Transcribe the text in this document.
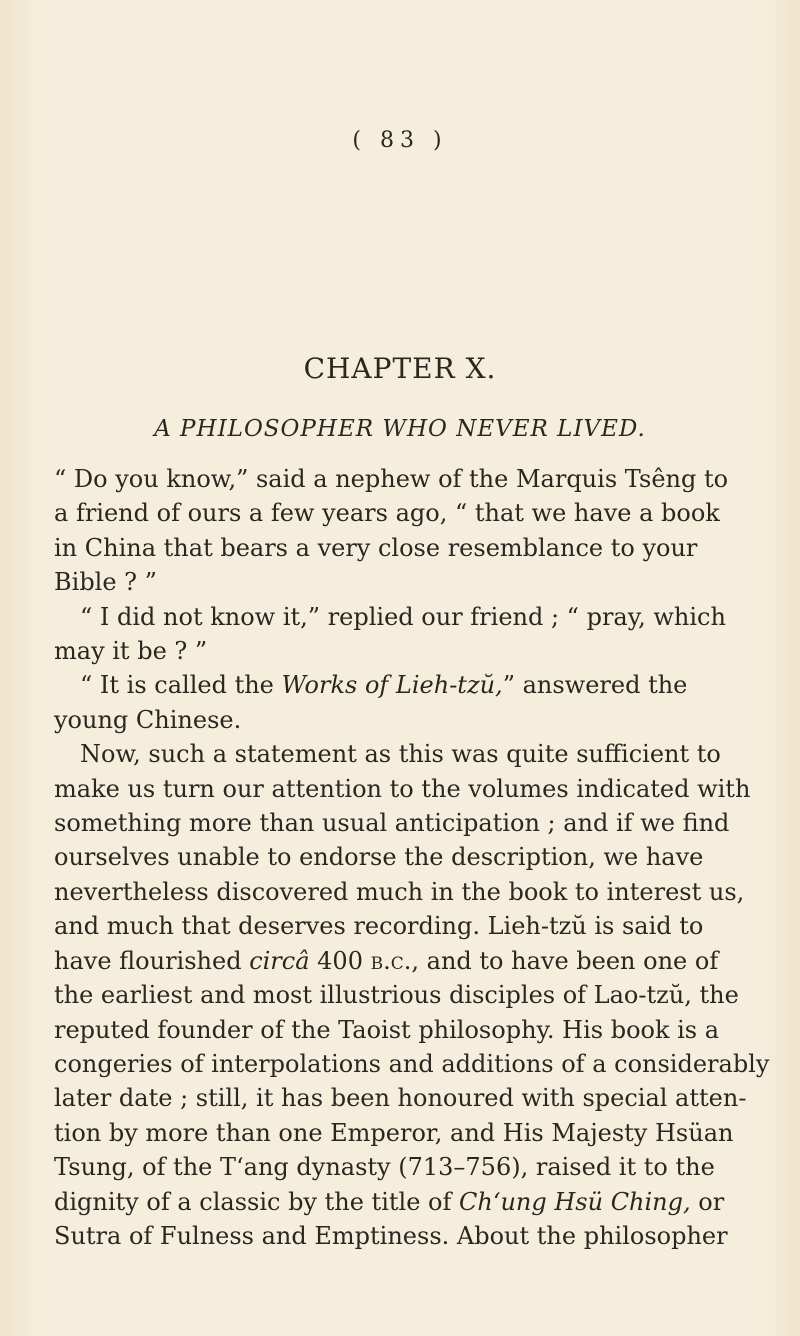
( 83 )
CHAPTER X.
A PHILOSOPHER WHO NEVER LIVED.
“ Do you know,” said a nephew of the Marquis Tsêng to
a friend of ours a few years ago, “ that we have a book
in China that bears a very close resemblance to your
Bible ? ”
“ I did not know it,” replied our friend ; “ pray, which
may it be ? ”
“ It is called the Works of Lieh-tzŭ,” answered the
young Chinese.
Now, such a statement as this was quite sufficient to
make us turn our attention to the volumes indicated with
something more than usual anticipation ; and if we find
ourselves unable to endorse the description, we have
nevertheless discovered much in the book to interest us,
and much that deserves recording. Lieh-tzŭ is said to
have flourished circâ 400 b.c., and to have been one of
the earliest and most illustrious disciples of Lao-tzŭ, the
reputed founder of the Taoist philosophy. His book is a
congeries of interpolations and additions of a considerably
later date ; still, it has been honoured with special atten-
tion by more than one Emperor, and His Majesty Hsüan
Tsung, of the T‘ang dynasty (713–756), raised it to the
dignity of a classic by the title of Ch‘ung Hsü Ching, or
Sutra of Fulness and Emptiness. About the philosopher
